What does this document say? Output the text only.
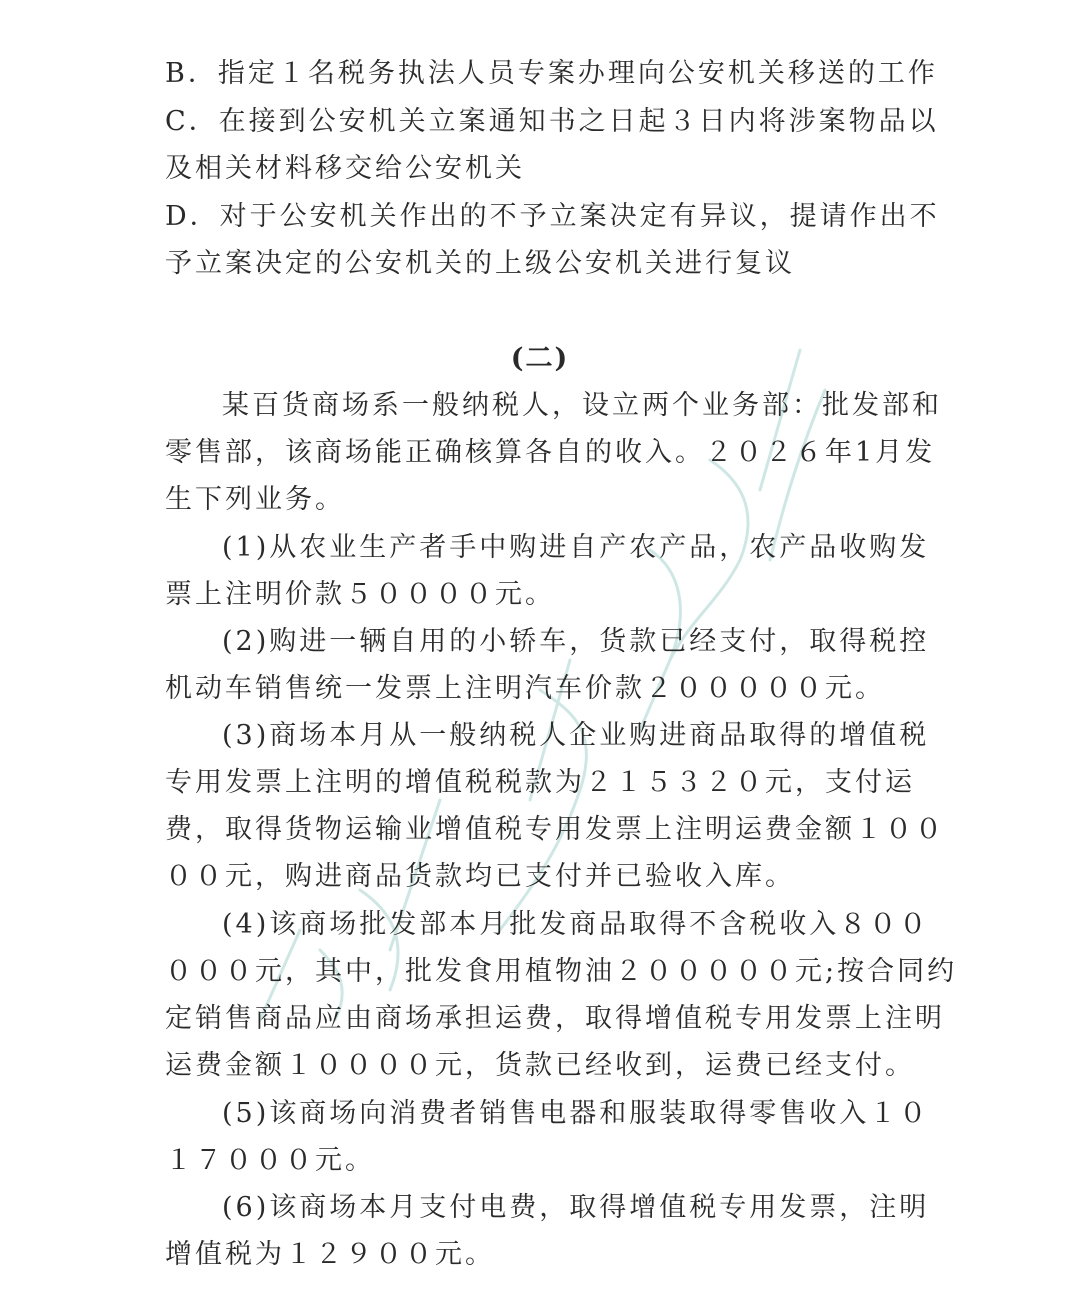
B．指定１名税务执法人员专案办理向公安机关移送的工作
C．在接到公安机关立案通知书之日起３日内将涉案物品以
及相关材料移交给公安机关
D．对于公安机关作出的不予立案决定有异议，提请作出不
予立案决定的公安机关的上级公安机关进行复议
(二)
某百货商场系一般纳税人，设立两个业务部：批发部和
零售部，该商场能正确核算各自的收入。２０２６年1月发
生下列业务。
(1)从农业生产者手中购进自产农产品，农产品收购发
票上注明价款５００００元。
(2)购进一辆自用的小轿车，货款已经支付，取得税控
机动车销售统一发票上注明汽车价款２０００００元。
(3)商场本月从一般纳税人企业购进商品取得的增值税
专用发票上注明的增值税税款为２１５３２０元，支付运
费，取得货物运输业增值税专用发票上注明运费金额１００
００元，购进商品货款均已支付并已验收入库。
(4)该商场批发部本月批发商品取得不含税收入８００
０００元，其中，批发食用植物油２０００００元;按合同约
定销售商品应由商场承担运费，取得增值税专用发票上注明
运费金额１００００元，货款已经收到，运费已经支付。
(5)该商场向消费者销售电器和服装取得零售收入１０
１７０００元。
(6)该商场本月支付电费，取得增值税专用发票，注明
增值税为１２９００元。
